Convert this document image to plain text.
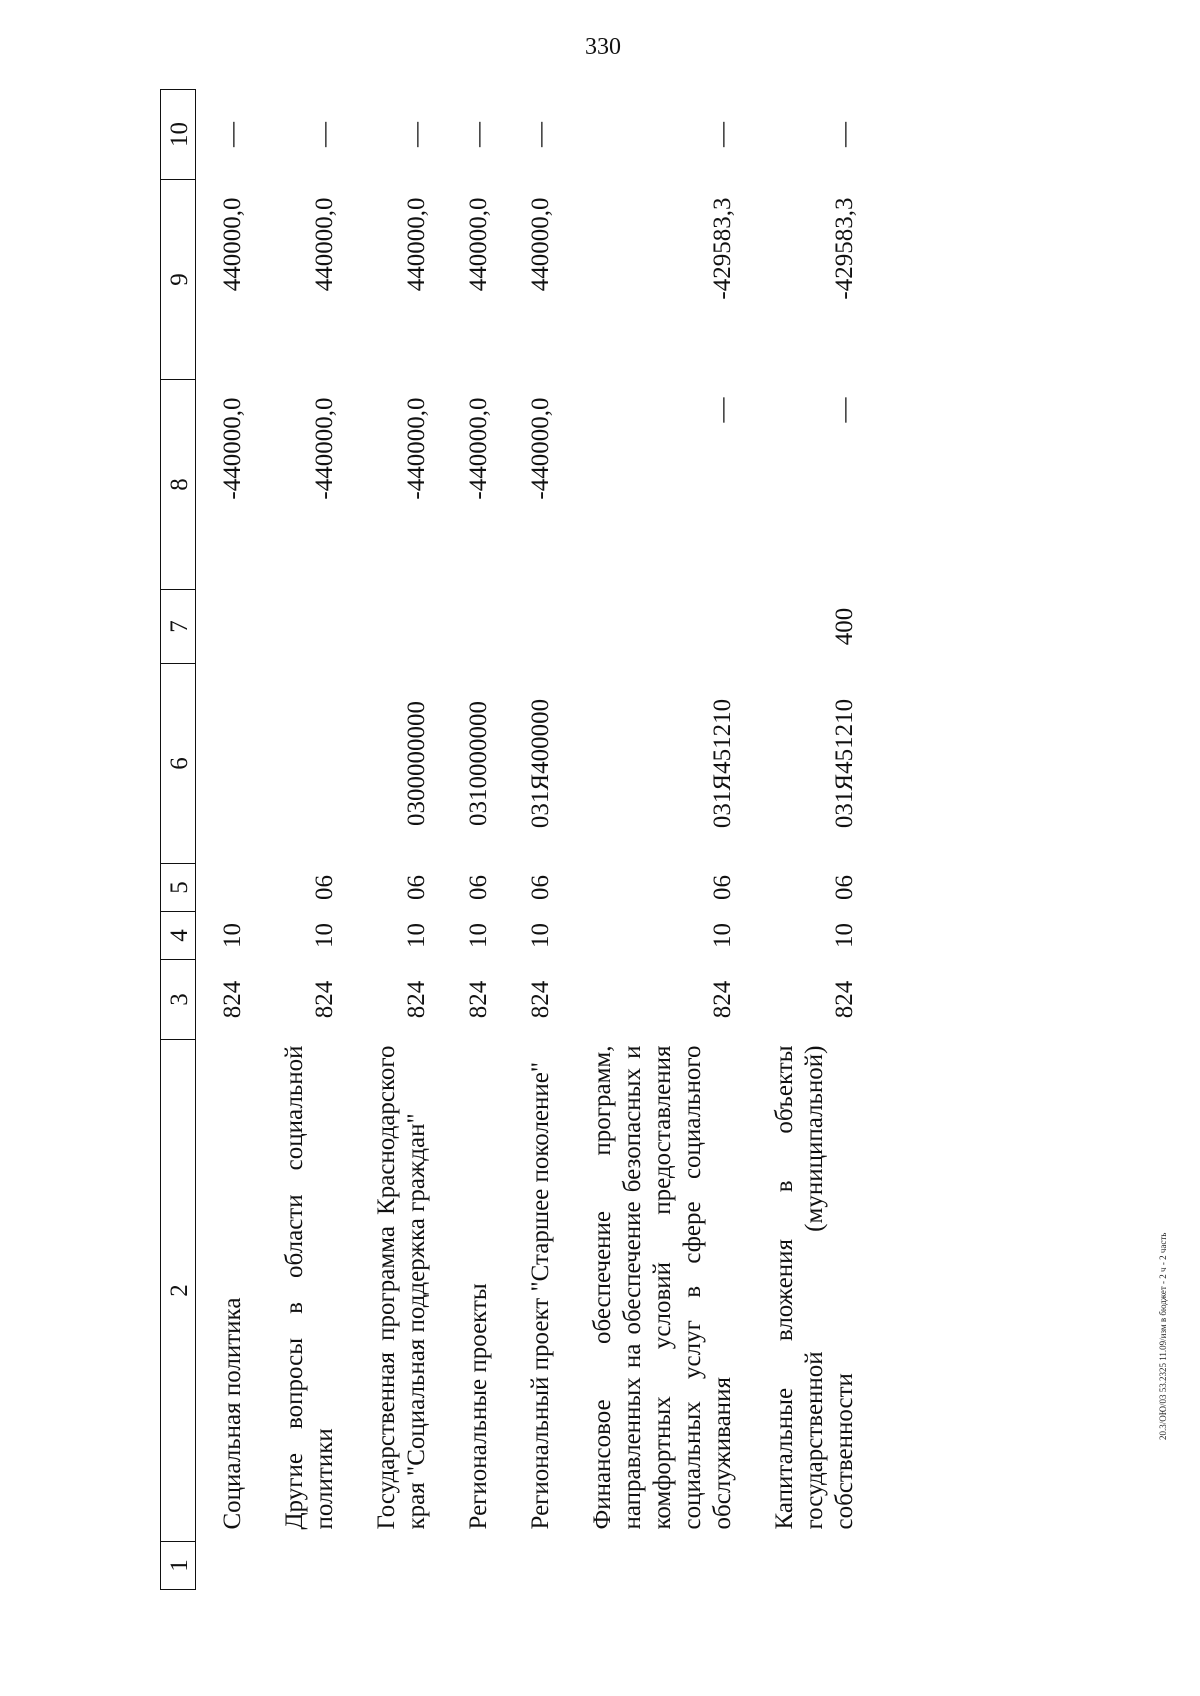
330
1	2	3	4	5	6	7	8	9	10
	Социальная политика	824	10				-440000,0	440000,0	—
	Другие вопросы в области социальной политики	824	10	06			-440000,0	440000,0	—
	Государственная программа Краснодарского края "Социальная поддержка граждан"	824	10	06	0300000000		-440000,0	440000,0	—
	Региональные проекты	824	10	06	0310000000		-440000,0	440000,0	—
	Региональный проект "Старшее поколение"	824	10	06	031Я400000		-440000,0	440000,0	—
	Финансовое обеспечение программ, направленных на обеспечение безопасных и комфортных условий предоставления социальных услуг в сфере социального обслуживания	824	10	06	031Я451210		—	-429583,3	—
	Капитальные вложения в объекты государственной (муниципальной) собственности	824	10	06	031Я451210	400	—	-429583,3	—
20.3/ОЮ/03 53.2325 11.09/изм в бюджет - 2 ч - 2 часть
